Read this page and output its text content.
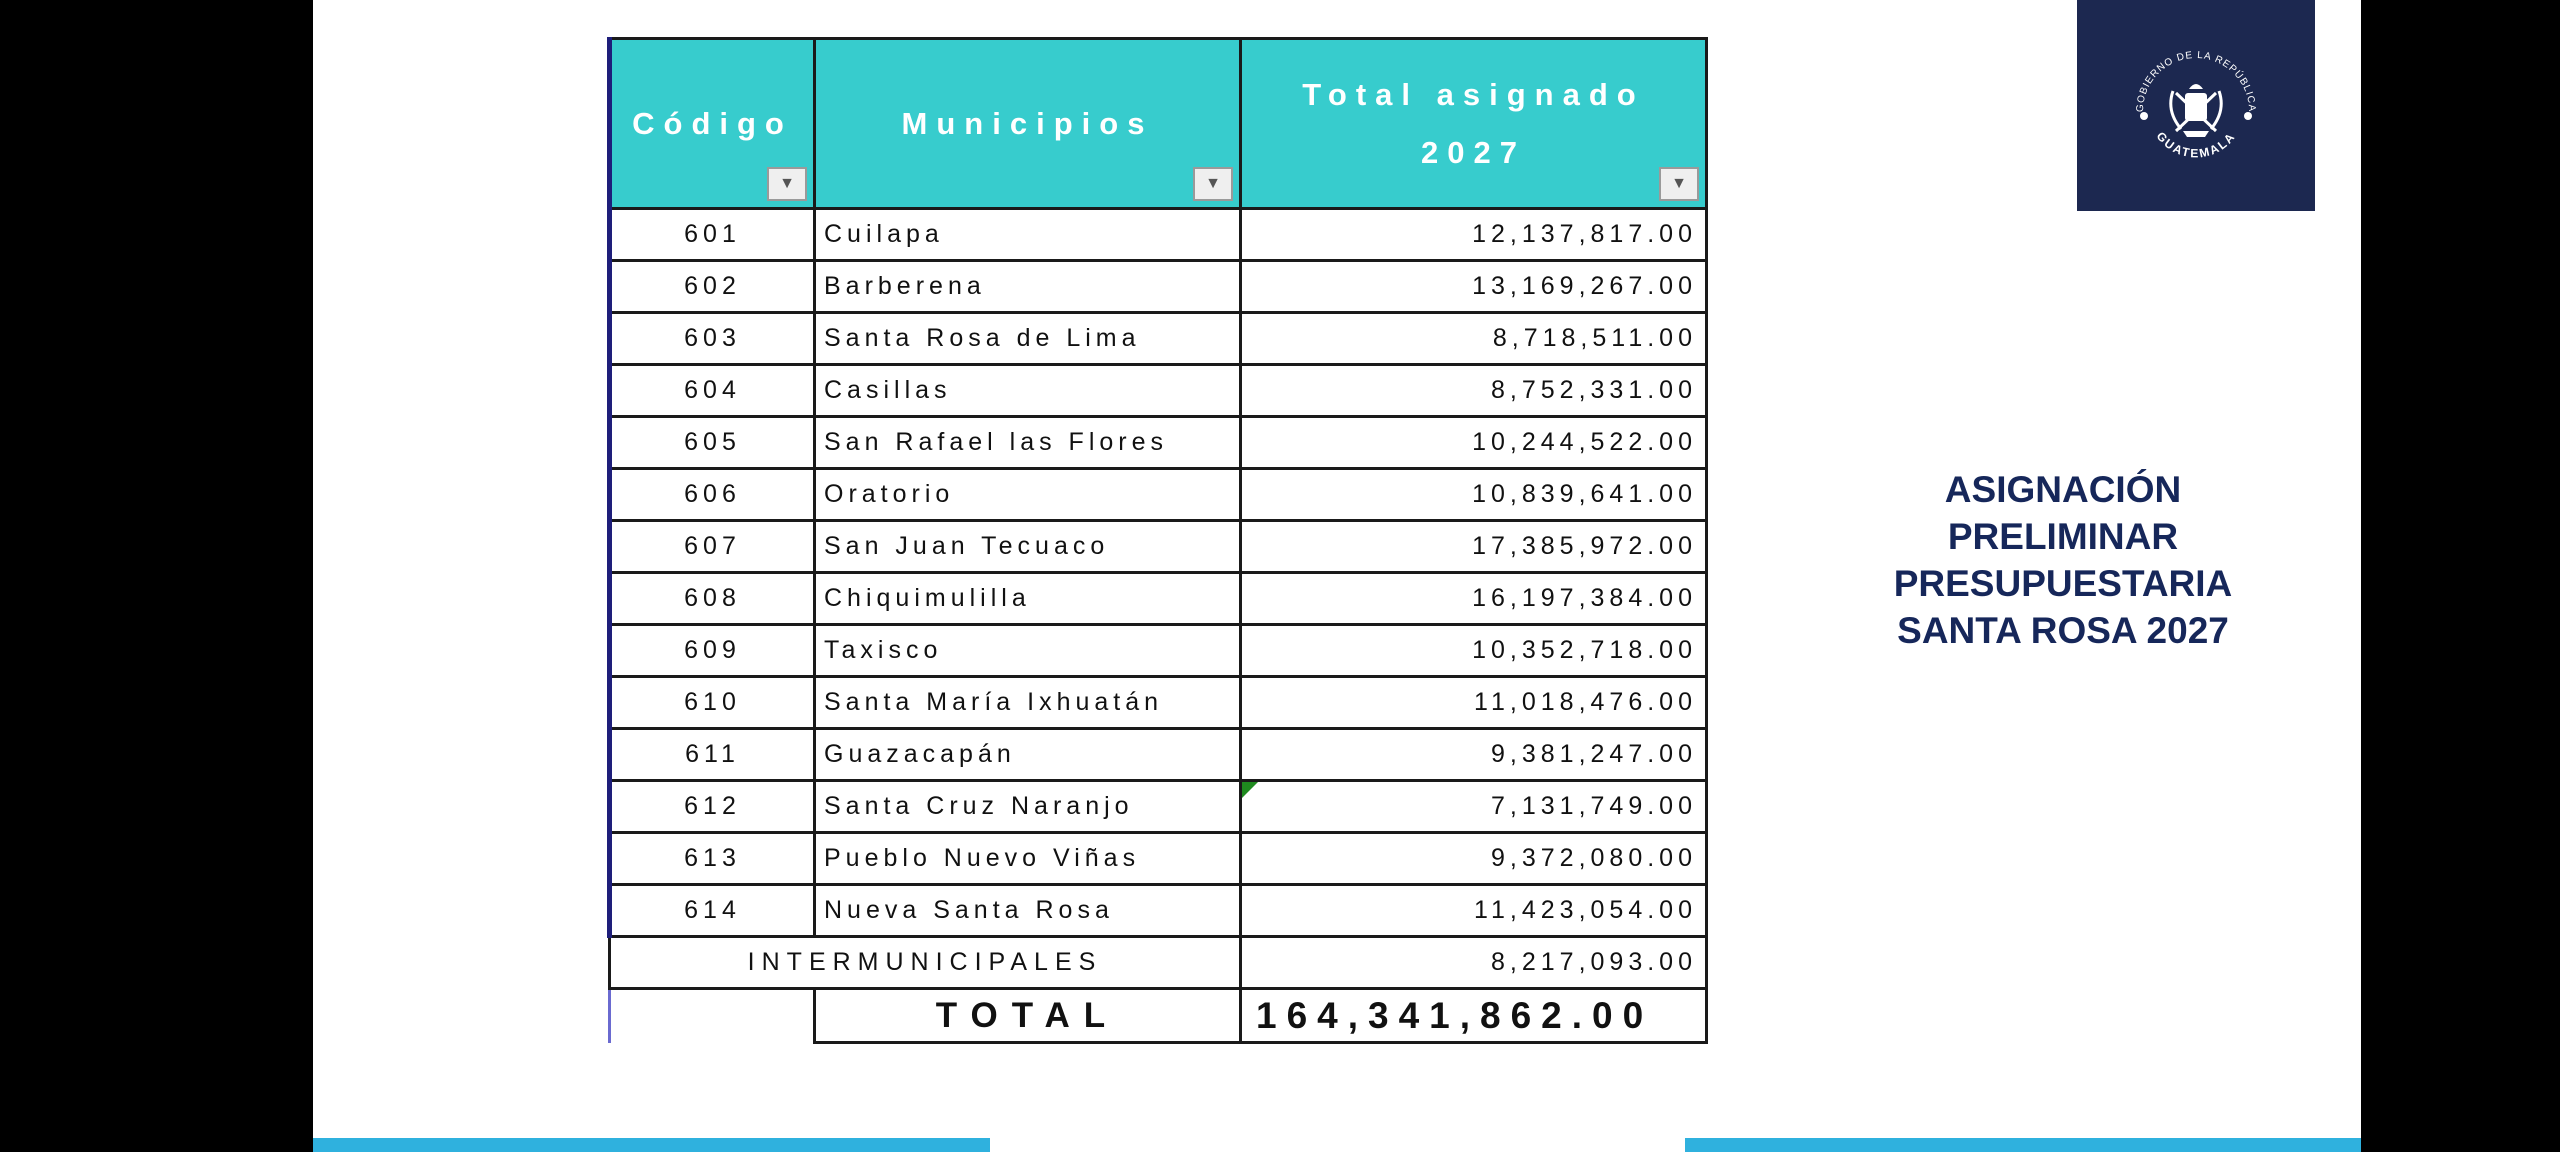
Código
▼	Municipios
▼	Total asignado
2027
▼

601	Cuilapa	12,137,817.00
602	Barberena	13,169,267.00
603	Santa Rosa de Lima	8,718,511.00
604	Casillas	8,752,331.00
605	San Rafael las Flores	10,244,522.00
606	Oratorio	10,839,641.00
607	San Juan Tecuaco	17,385,972.00
608	Chiquimulilla	16,197,384.00
609	Taxisco	10,352,718.00
610	Santa María Ixhuatán	11,018,476.00
611	Guazacapán	9,381,247.00
612	Santa Cruz Naranjo	7,131,749.00
613	Pueblo Nuevo Viñas	9,372,080.00
614	Nueva Santa Rosa	11,423,054.00
INTERMUNICIPALES		8,217,093.00
	TOTAL	164,341,862.00
GOBIERNO DE LA REPÚBLICA
GUATEMALA
ASIGNACIÓN
PRELIMINAR
PRESUPUESTARIA
SANTA ROSA 2027
